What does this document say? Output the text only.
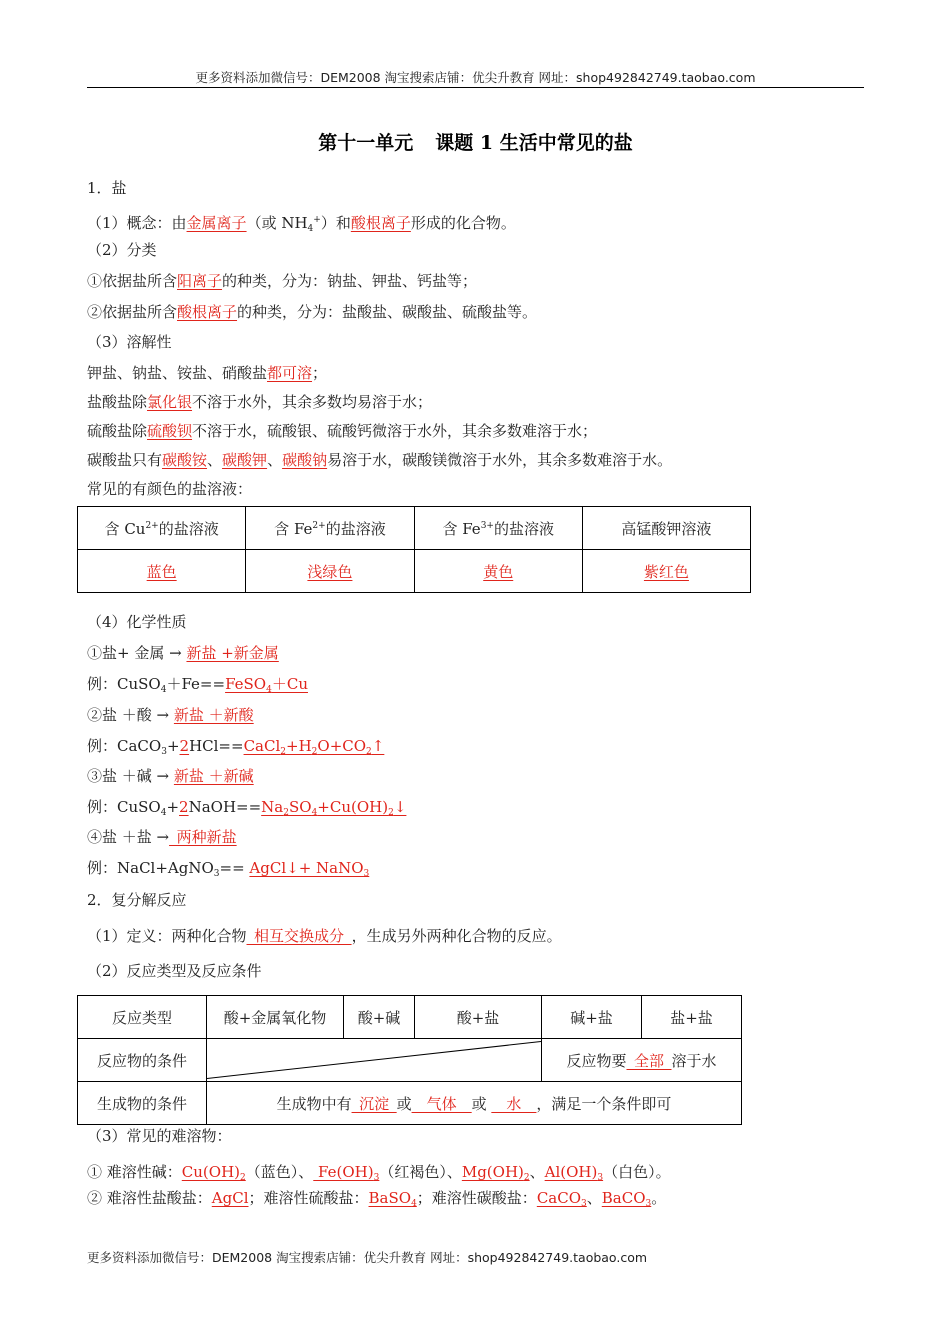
更多资料添加微信号：DEM2008 淘宝搜索店铺：优尖升教育 网址：shop492842749.taobao.com
第十一单元 课题 1 生活中常见的盐
1．盐
（1）概念：由金属离子（或 $NH_4^+$）和酸根离子形成的化合物。
（2）分类
①依据盐所含阳离子的种类，分为：钠盐、钾盐、钙盐等；
②依据盐所含酸根离子的种类，分为：盐酸盐、碳酸盐、硫酸盐等。
（3）溶解性
钾盐、钠盐、铵盐、硝酸盐都可溶；
盐酸盐除氯化银不溶于水外，其余多数均易溶于水；
硫酸盐除硫酸钡不溶于水，硫酸银、硫酸钙微溶于水外，其余多数难溶于水；
碳酸盐只有碳酸铵、碳酸钾、碳酸钠易溶于水，碳酸镁微溶于水外，其余多数难溶于水。
常见的有颜色的盐溶液：
含 $Cu^{2+}$的盐溶液	含 $Fe^{2+}$的盐溶液	含 $Fe^{3+}$的盐溶液	高锰酸钾溶液
蓝色	浅绿色	黄色	紫红色
（4）化学性质
①盐+ 金属 → 新盐 +新金属
例：CuSO$_4$＋Fe==FeSO$_4$＋Cu
②盐 ＋酸 → 新盐 ＋新酸
例：$CaCO_3+2HCl==CaCl_2+H_2O+CO_2↑$
③盐 ＋碱 → 新盐 ＋新碱
例：$CuSO_4+2NaOH==Na_2SO_4+Cu(OH)_2↓$
④盐 ＋盐 →_两种新盐
例：NaCl+AgNO$_3$== AgCl↓+ NaNO$_3$
2．复分解反应
（1）定义：两种化合物_相互交换成分_，生成另外两种化合物的反应。
（2）反应类型及反应条件
反应类型	酸+金属氧化物	酸+碱	酸+盐	碱+盐	盐+盐
反应物的条件				反应物要_全部_溶于水	
生成物的条件	生成物中有_沉淀_或__气体__或 __水__，满足一个条件即可				
（3）常见的难溶物：
① 难溶性碱：$Cu(OH)_2$（蓝色）、 $Fe(OH)_3$（红褐色）、$Mg(OH)_2$、$Al(OH)_3$（白色）。
② 难溶性盐酸盐：AgCl；难溶性硫酸盐：BaSO$_4$；难溶性碳酸盐：CaCO$_3$、BaCO$_3$。
更多资料添加微信号：DEM2008 淘宝搜索店铺：优尖升教育 网址：shop492842749.taobao.com
